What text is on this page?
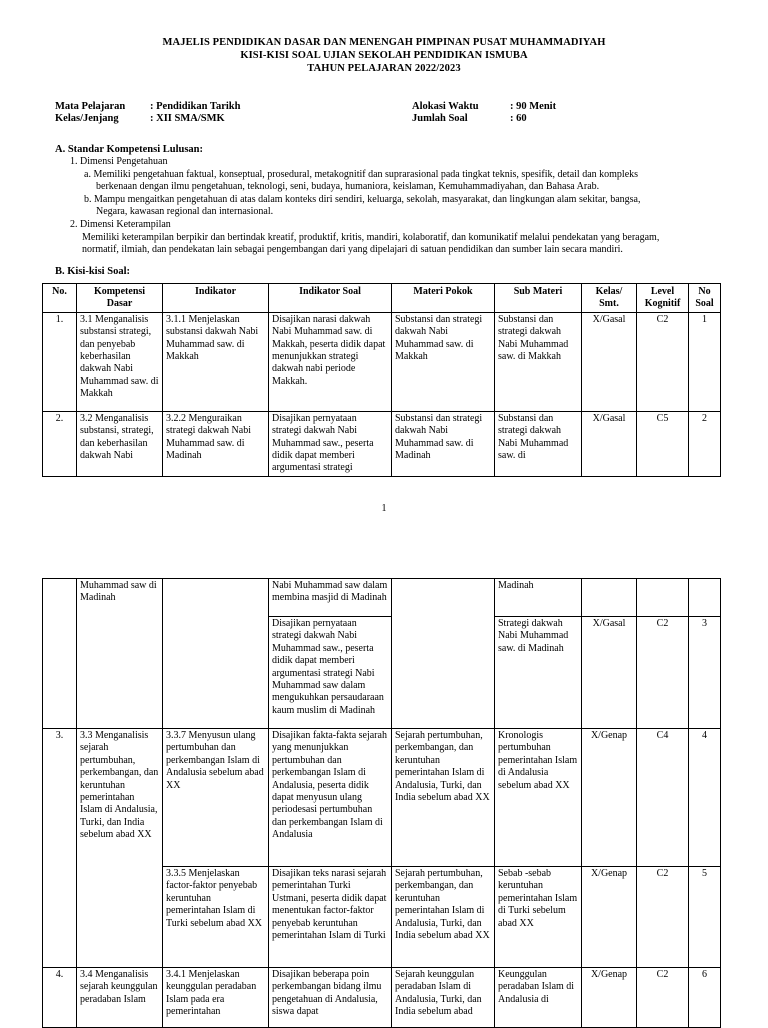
MAJELIS PENDIDIKAN DASAR DAN MENENGAH PIMPINAN PUSAT MUHAMMADIYAH
KISI-KISI SOAL UJIAN SEKOLAH PENDIDIKAN ISMUBA
TAHUN PELAJARAN 2022/2023
Mata Pelajaran : Pendidikan Tarikh	Alokasi Waktu	: 90 Menit
Kelas/Jenjang	: XII SMA/SMK	Jumlah Soal	: 60
A. Standar Kompetensi Lulusan:
1. Dimensi Pengetahuan
a. Memiliki pengetahuan faktual, konseptual, prosedural, metakognitif dan suprarasional pada tingkat teknis, spesifik, detail dan kompleks
berkenaan dengan ilmu pengetahuan, teknologi, seni, budaya, humaniora, keislaman, Kemuhammadiyahan, dan Bahasa Arab.
b. Mampu mengaitkan pengetahuan di atas dalam konteks diri sendiri, keluarga, sekolah, masyarakat, dan lingkungan alam sekitar, bangsa,
Negara, kawasan regional dan internasional.
2. Dimensi Keterampilan
Memiliki keterampilan berpikir dan bertindak kreatif, produktif, kritis, mandiri, kolaboratif, dan komunikatif melalui pendekatan yang beragam,
normatif, ilmiah, dan pendekatan lain sebagai pengembangan dari yang dipelajari di satuan pendidikan dan sumber lain secara mandiri.
B. Kisi-kisi Soal:
No.	Kompetensi Dasar	Indikator	Indikator Soal	Materi Pokok	Sub Materi	Kelas/ Smt.	Level Kognitif	No Soal
1.	3.1 Menganalisis substansi strategi, dan penyebab keberhasilan dakwah Nabi Muhammad saw. di Makkah	3.1.1 Menjelaskan substansi dakwah Nabi Muhammad saw. di Makkah	Disajikan narasi dakwah Nabi Muhammad saw. di Makkah, peserta didik dapat menunjukkan strategi dakwah nabi periode Makkah.	Substansi dan strategi dakwah Nabi Muhammad saw. di Makkah	Substansi dan strategi dakwah Nabi Muhammad saw. di Makkah	X/Gasal	C2	1
2.	3.2 Menganalisis substansi, strategi, dan keberhasilan dakwah Nabi	3.2.2 Menguraikan strategi dakwah Nabi Muhammad saw. di Madinah	Disajikan pernyataan strategi dakwah Nabi Muhammad saw., peserta didik dapat memberi argumentasi strategi	Substansi dan strategi dakwah Nabi Muhammad saw. di Madinah	Substansi dan strategi dakwah Nabi Muhammad saw. di	X/Gasal	C5	2
1
	Muhammad saw di Madinah		Nabi Muhammad saw dalam membina masjid di Madinah		Madinah			
			Disajikan pernyataan strategi dakwah Nabi Muhammad saw., peserta didik dapat memberi argumentasi strategi Nabi Muhammad saw dalam mengukuhkan persaudaraan kaum muslim di Madinah		Strategi dakwah Nabi Muhammad saw. di Madinah	X/Gasal	C2	3
3.	3.3 Menganalisis sejarah pertumbuhan, perkembangan, dan keruntuhan pemerintahan Islam di Andalusia, Turki, dan India sebelum abad XX	3.3.7 Menyusun ulang pertumbuhan dan perkembangan Islam di Andalusia sebelum abad XX	Disajikan fakta-fakta sejarah yang menunjukkan pertumbuhan dan perkembangan Islam di Andalusia, peserta didik dapat menyusun ulang periodesasi pertumbuhan dan perkembangan Islam di Andalusia	Sejarah pertumbuhan, perkembangan, dan keruntuhan pemerintahan Islam di Andalusia, Turki, dan India sebelum abad XX	Kronologis pertumbuhan pemerintahan Islam di Andalusia sebelum abad XX	X/Genap	C4	4
		3.3.5 Menjelaskan factor-faktor penyebab keruntuhan pemerintahan Islam di Turki sebelum abad XX	Disajikan teks narasi sejarah pemerintahan Turki Ustmani, peserta didik dapat menentukan factor-faktor penyebab keruntuhan pemerintahan Islam di Turki	Sejarah pertumbuhan, perkembangan, dan keruntuhan pemerintahan Islam di Andalusia, Turki, dan India sebelum abad XX	Sebab -sebab keruntuhan pemerintahan Islam di Turki sebelum abad XX	X/Genap	C2	5
4.	3.4 Menganalisis sejarah keunggulan peradaban Islam	3.4.1 Menjelaskan keunggulan peradaban Islam pada era pemerintahan	Disajikan beberapa poin perkembangan bidang ilmu pengetahuan di Andalusia, siswa dapat	Sejarah keunggulan peradaban Islam di Andalusia, Turki, dan India sebelum abad	Keunggulan peradaban Islam di Andalusia di	X/Genap	C2	6
